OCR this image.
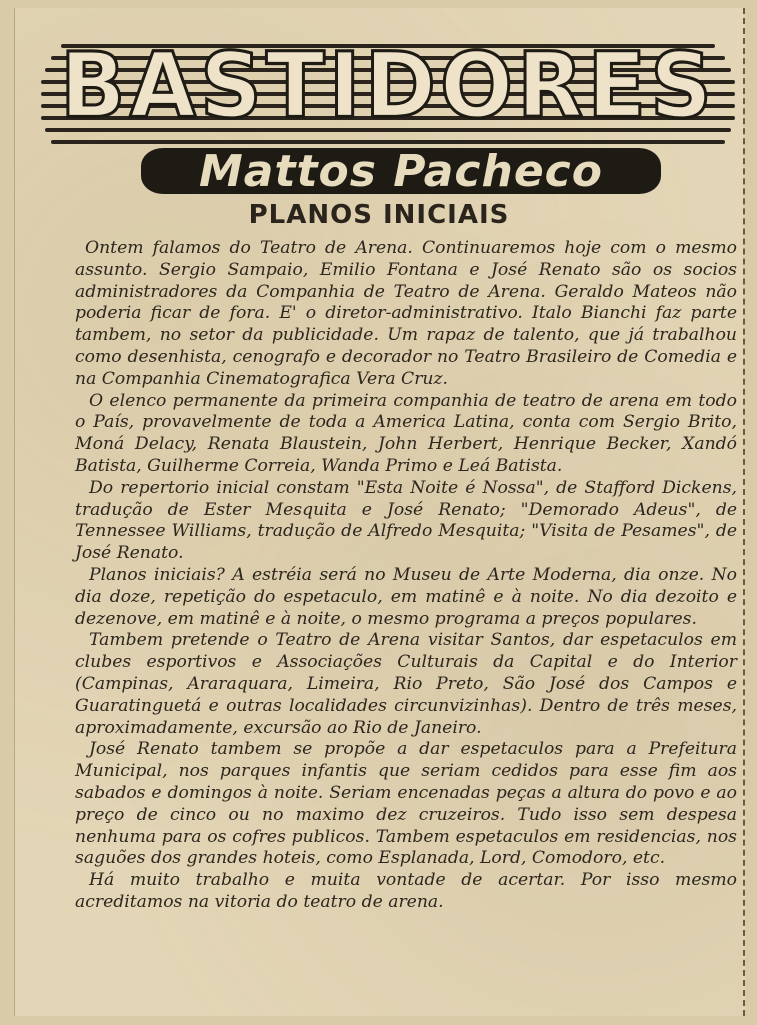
BASTIDORES
Mattos Pacheco
PLANOS INICIAIS

Ontem falamos do Teatro de Arena. Continuaremos hoje com o mesmo assunto. Sergio Sampaio, Emilio Fontana e José Renato são os socios administradores da Companhia de Teatro de Arena. Geraldo Mateos não poderia ficar de fora. E' o diretor-administrativo. Italo Bianchi faz parte tambem, no setor da publicidade. Um rapaz de talento, que já trabalhou como desenhista, cenografo e decorador no Teatro Brasileiro de Comedia e na Companhia Cinematografica Vera Cruz.

O elenco permanente da primeira companhia de teatro de arena em todo o País, provavelmente de toda a America Latina, conta com Sergio Brito, Moná Delacy, Renata Blaustein, John Herbert, Henrique Becker, Xandó Batista, Guilherme Correia, Wanda Primo e Leá Batista.

Do repertorio inicial constam "Esta Noite é Nossa", de Stafford Dickens, tradução de Ester Mesquita e José Renato; "Demorado Adeus", de Tennessee Williams, tradução de Alfredo Mesquita; "Visita de Pesames", de José Renato.

Planos iniciais? A estréia será no Museu de Arte Moderna, dia onze. No dia doze, repetição do espetaculo, em matinê e à noite. No dia dezoito e dezenove, em matinê e à noite, o mesmo programa a preços populares.

Tambem pretende o Teatro de Arena visitar Santos, dar espetaculos em clubes esportivos e Associações Culturais da Capital e do Interior (Campinas, Araraquara, Limeira, Rio Preto, São José dos Campos e Guaratinguetá e outras localidades circunvizinhas). Dentro de três meses, aproximadamente, excursão ao Rio de Janeiro.

José Renato tambem se propõe a dar espetaculos para a Prefeitura Municipal, nos parques infantis que seriam cedidos para esse fim aos sabados e domingos à noite. Seriam encenadas peças a altura do povo e ao preço de cinco ou no maximo dez cruzeiros. Tudo isso sem despesa nenhuma para os cofres publicos. Tambem espetaculos em residencias, nos saguões dos grandes hoteis, como Esplanada, Lord, Comodoro, etc.

Há muito trabalho e muita vontade de acertar. Por isso mesmo acreditamos na vitoria do teatro de arena.
